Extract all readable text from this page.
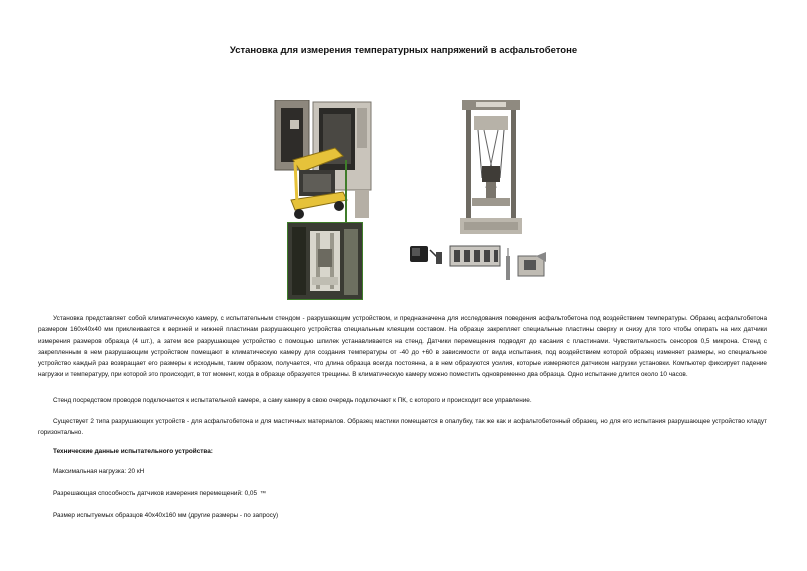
Установка для измерения температурных напряжений в асфальтобетоне
Установка представляет собой климатическую камеру, с испытательным стендом - разрушающим устройством, и предназначена для исследования поведения асфальтобетона под воздействием температуры. Образец асфальтобетона размером 160х40х40 мм приклеивается к верхней и нижней пластинам разрушающего устройства специальным клеящим составом. На образце закрепляет специальные пластины сверху и снизу для того чтобы опирать на них датчики измерения размеров образца (4 шт.), а затем все разрушающее устройство с помощью шпилек устанавливается на стенд. Датчики перемещения подводят до касания с пластинами. Чувствительность сенсоров 0,5 микрона. Стенд с закрепленным в нем разрушающим устройством помещают в климатическую камеру для создания температуры от -40 до +60 в зависимости от вида испытания, под воздействием которой образец изменяет размеры, но специальное устройство каждый раз возвращает его размеры к исходным, таким образом, получается, что длина образца всегда постоянна, а в нем образуются усилия, которые измеряются датчиком нагрузки установки. Компьютер фиксирует падение нагрузки и температуру, при которой это происходит, в тот момент, когда в образце образуется трещины. В климатическую камеру можно поместить одновременно два образца. Одно испытание длится около 10 часов.
Стенд посредством проводов подключается к испытательной камере, а саму камеру в свою очередь подключают к ПК, с которого и происходит все управление.
Существует 2 типа разрушающих устройств - для асфальтобетона и для мастичных материалов. Образец мастики помещается в опалубку, так же как и асфальтобетонный образец, но для его испытания разрушающее устройство кладут горизонтально.
Технические данные испытательного устройства:
Максимальная нагрузка: 20 кН
Разрешающая способность датчиков измерения перемещений: 0,05 ™
Размер испытуемых образцов 40х40х160 мм (другие размеры - по запросу)
